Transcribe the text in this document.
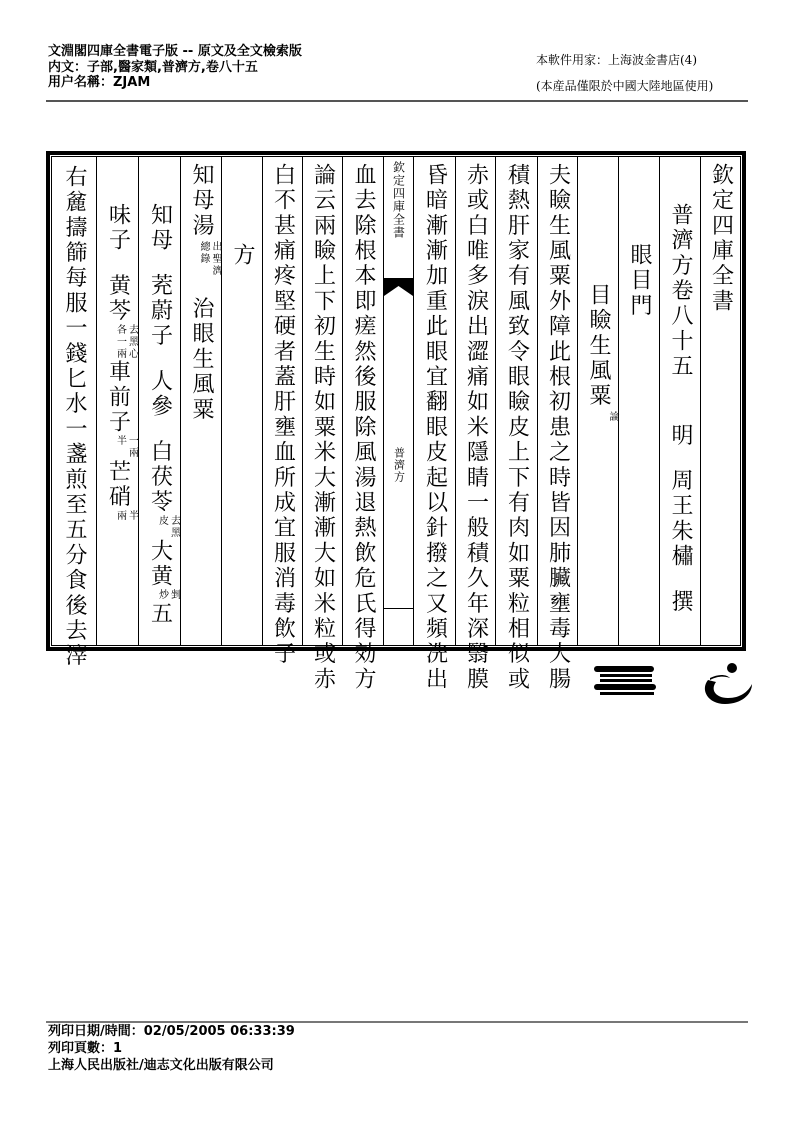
文淵閣四庫全書電子版 -- 原文及全文檢索版
内文：子部,醫家類,普濟方,卷八十五
用户名稱：ZJAM
本軟件用家：上海波金書店(4)
(本産品僅限於中國大陸地區使用)
欽定四庫全書
普濟方卷八十五明周王朱橚撰
眼目門
目瞼生風粟
論
夫瞼生風粟外障此根初患之時皆因肺臟壅毒大腸
積熱肝家有風致令眼瞼皮上下有肉如粟粒相似或
赤或白唯多淚出澀痛如米隱睛一般積久年深翳膜
昏暗漸漸加重此眼宜翻眼皮起以針撥之又頻洗出
欽定四庫全書
普濟方
血去除根本即瘥然後服除風湯退熱飲危氏得効方
論云兩瞼上下初生時如粟米大漸漸大如米粒或赤
白不甚痛疼堅硬者蓋肝壅血所成宜服消毒飲子
方
知母湯
出聖濟
總錄
治眼生風粟
知母茺蔚子人參白茯苓
去黑
皮
大黄
剉
炒
五
味子黄芩
去黑心
各一兩
車前子
一兩
半
芒硝
半
兩
右麄擣篩每服一錢匕水一盞煎至五分食後去滓
列印日期/時間：02/05/2005 06:33:39
列印頁數：1
上海人民出版社/迪志文化出版有限公司
